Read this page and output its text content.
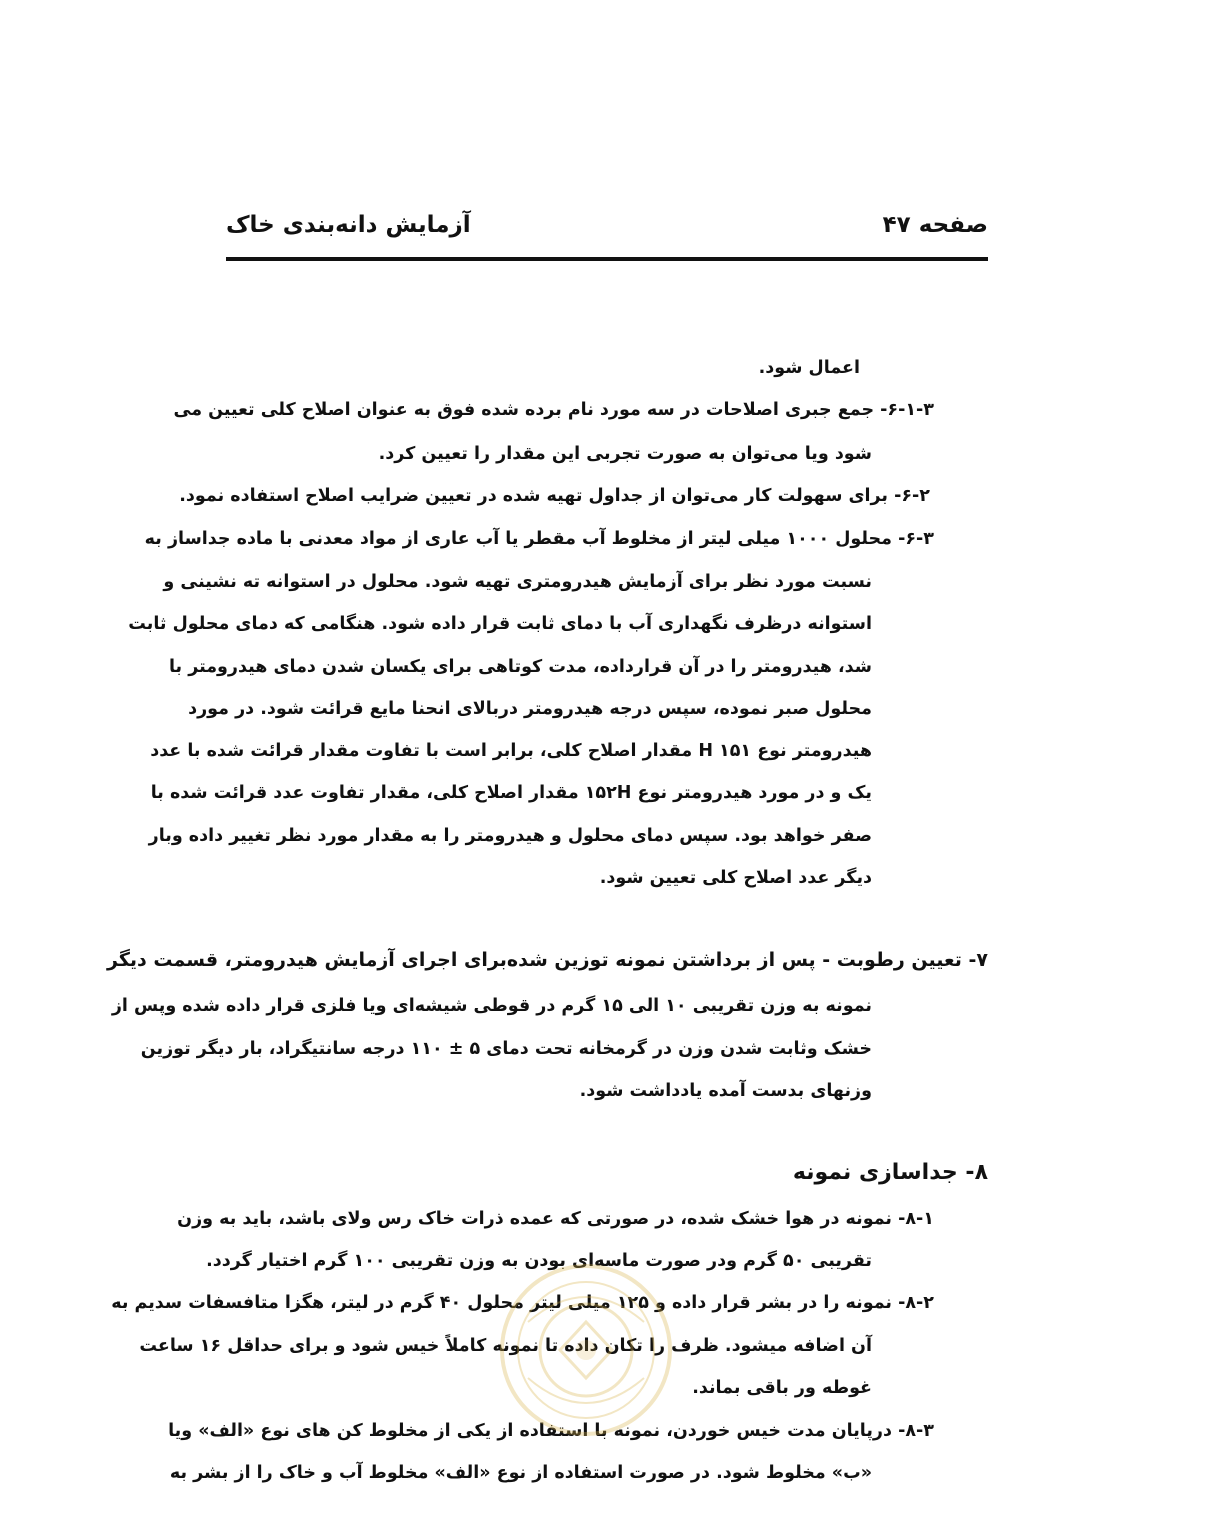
صفحه ۴۷
آزمایش دانه‌بندی خاک
اعمال شود.
۶-۱-۳- جمع جبری اصلاحات در سه مورد نام برده شده فوق به عنوان اصلاح کلی تعیین می
شود ویا می‌توان به صورت تجربی این مقدار را تعیین کرد.
۶-۲- برای سهولت کار می‌توان از جداول تهیه شده در تعیین ضرایب اصلاح استفاده نمود.
۶-۳- محلول ۱۰۰۰ میلی لیتر از مخلوط آب مقطر یا آب عاری از مواد معدنی با ماده جداساز به
نسبت مورد نظر برای آزمایش هیدرومتری تهیه شود. محلول در استوانه ته نشینی و
استوانه درظرف نگهداری آب با دمای ثابت قرار داده شود. هنگامی که دمای محلول ثابت
شد، هیدرومتر را در آن قرارداده، مدت کوتاهی برای یکسان شدن دمای هیدرومتر با
محلول صبر نموده، سپس درجه هیدرومتر دربالای انحنا مایع قرائت شود. در مورد
هیدرومتر نوع H ۱۵۱ مقدار اصلاح کلی، برابر است با تفاوت مقدار قرائت شده با عدد
یک و در مورد هیدرومتر نوع ۱۵۲H مقدار اصلاح کلی، مقدار تفاوت عدد قرائت شده با
صفر خواهد بود. سپس دمای محلول و هیدرومتر را به مقدار مورد نظر تغییر داده وبار
دیگر عدد اصلاح کلی تعیین شود.
۷- تعیین رطوبت - پس از برداشتن نمونه توزین شده‌برای اجرای آزمایش هیدرومتر، قسمت دیگر
نمونه به وزن تقریبی ۱۰ الی ۱۵ گرم در قوطی شیشه‌ای ویا فلزی قرار داده شده وپس از
خشک وثابت شدن وزن در گرمخانه تحت دمای ۵ ± ۱۱۰ درجه سانتیگراد، بار دیگر توزین
وزنهای بدست آمده یادداشت شود.
۸- جداسازی نمونه
۸-۱- نمونه در هوا خشک شده، در صورتی که عمده ذرات خاک رس ولای باشد، باید به وزن
تقریبی ۵۰ گرم ودر صورت ماسه‌ای بودن به وزن تقریبی ۱۰۰ گرم اختیار گردد.
۸-۲- نمونه را در بشر قرار داده و ۱۲۵ میلی لیتر محلول ۴۰ گرم در لیتر، هگزا متافسفات سدیم به
آن اضافه میشود. ظرف را تکان داده تا نمونه کاملاً خیس شود و برای حداقل ۱۶ ساعت
غوطه ور باقی بماند.
۸-۳- درپایان مدت خیس خوردن، نمونه با استفاده از یکی از مخلوط کن های نوع «الف» ویا
«ب» مخلوط شود. در صورت استفاده از نوع «الف» مخلوط آب و خاک را از بشر به
